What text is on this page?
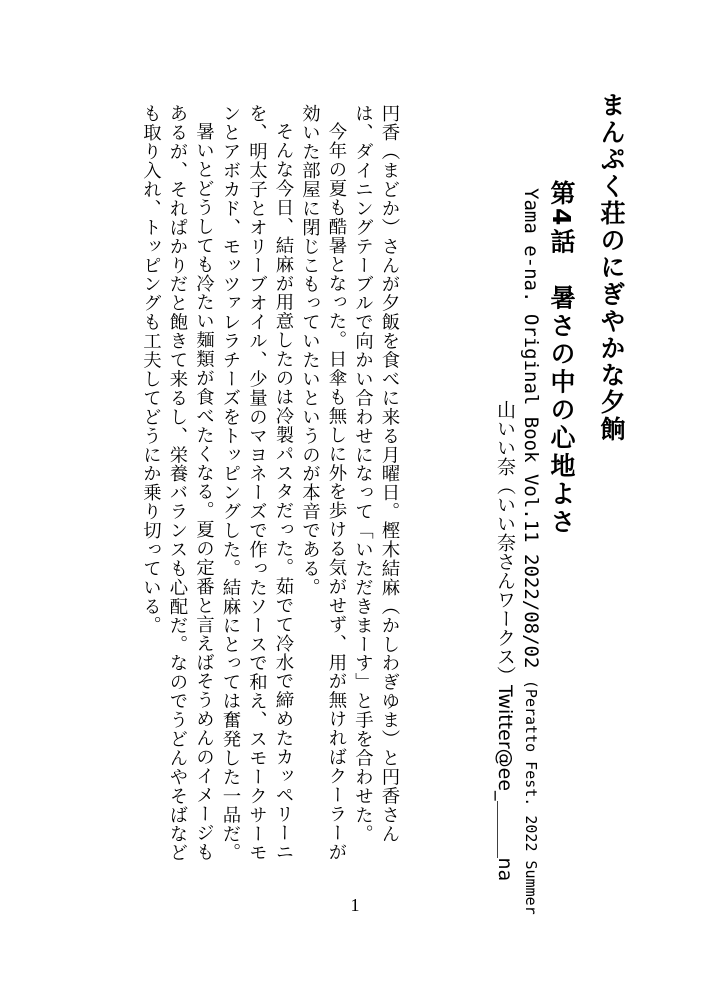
まんぷく荘のにぎやかな夕餉
第4話　暑さの中の心地よさ
Yama e-na. Original Book Vol.11 2022/08/02 (Peratto Fest. 2022 Summer
山いい奈（いい奈さんワークス）Twitter@ee_＿＿＿na

円香（まどか）さんが夕飯を食べに来る月曜日。樫木結麻（かしわぎゆま）と円香さんは、ダイニングテーブルで向かい合わせになって「いただきまーす」と手を合わせた。

今年の夏も酷暑となった。日傘も無しに外を歩ける気がせず、用が無ければクーラーが効いた部屋に閉じこもっていたいというのが本音である。

そんな今日、結麻が用意したのは冷製パスタだった。茹でて冷水で締めたカッペリーニを、明太子とオリーブオイル、少量のマヨネーズで作ったソースで和え、スモークサーモンとアボカド、モッツァレラチーズをトッピングした。結麻にとっては奮発した一品だ。

暑いとどうしても冷たい麺類が食べたくなる。夏の定番と言えばそうめんのイメージもあるが、それぱかりだと飽きて来るし、栄養バランスも心配だ。なのでうどんやそばなども取り入れ、トッピングも工夫してどうにか乗り切っている。

1
